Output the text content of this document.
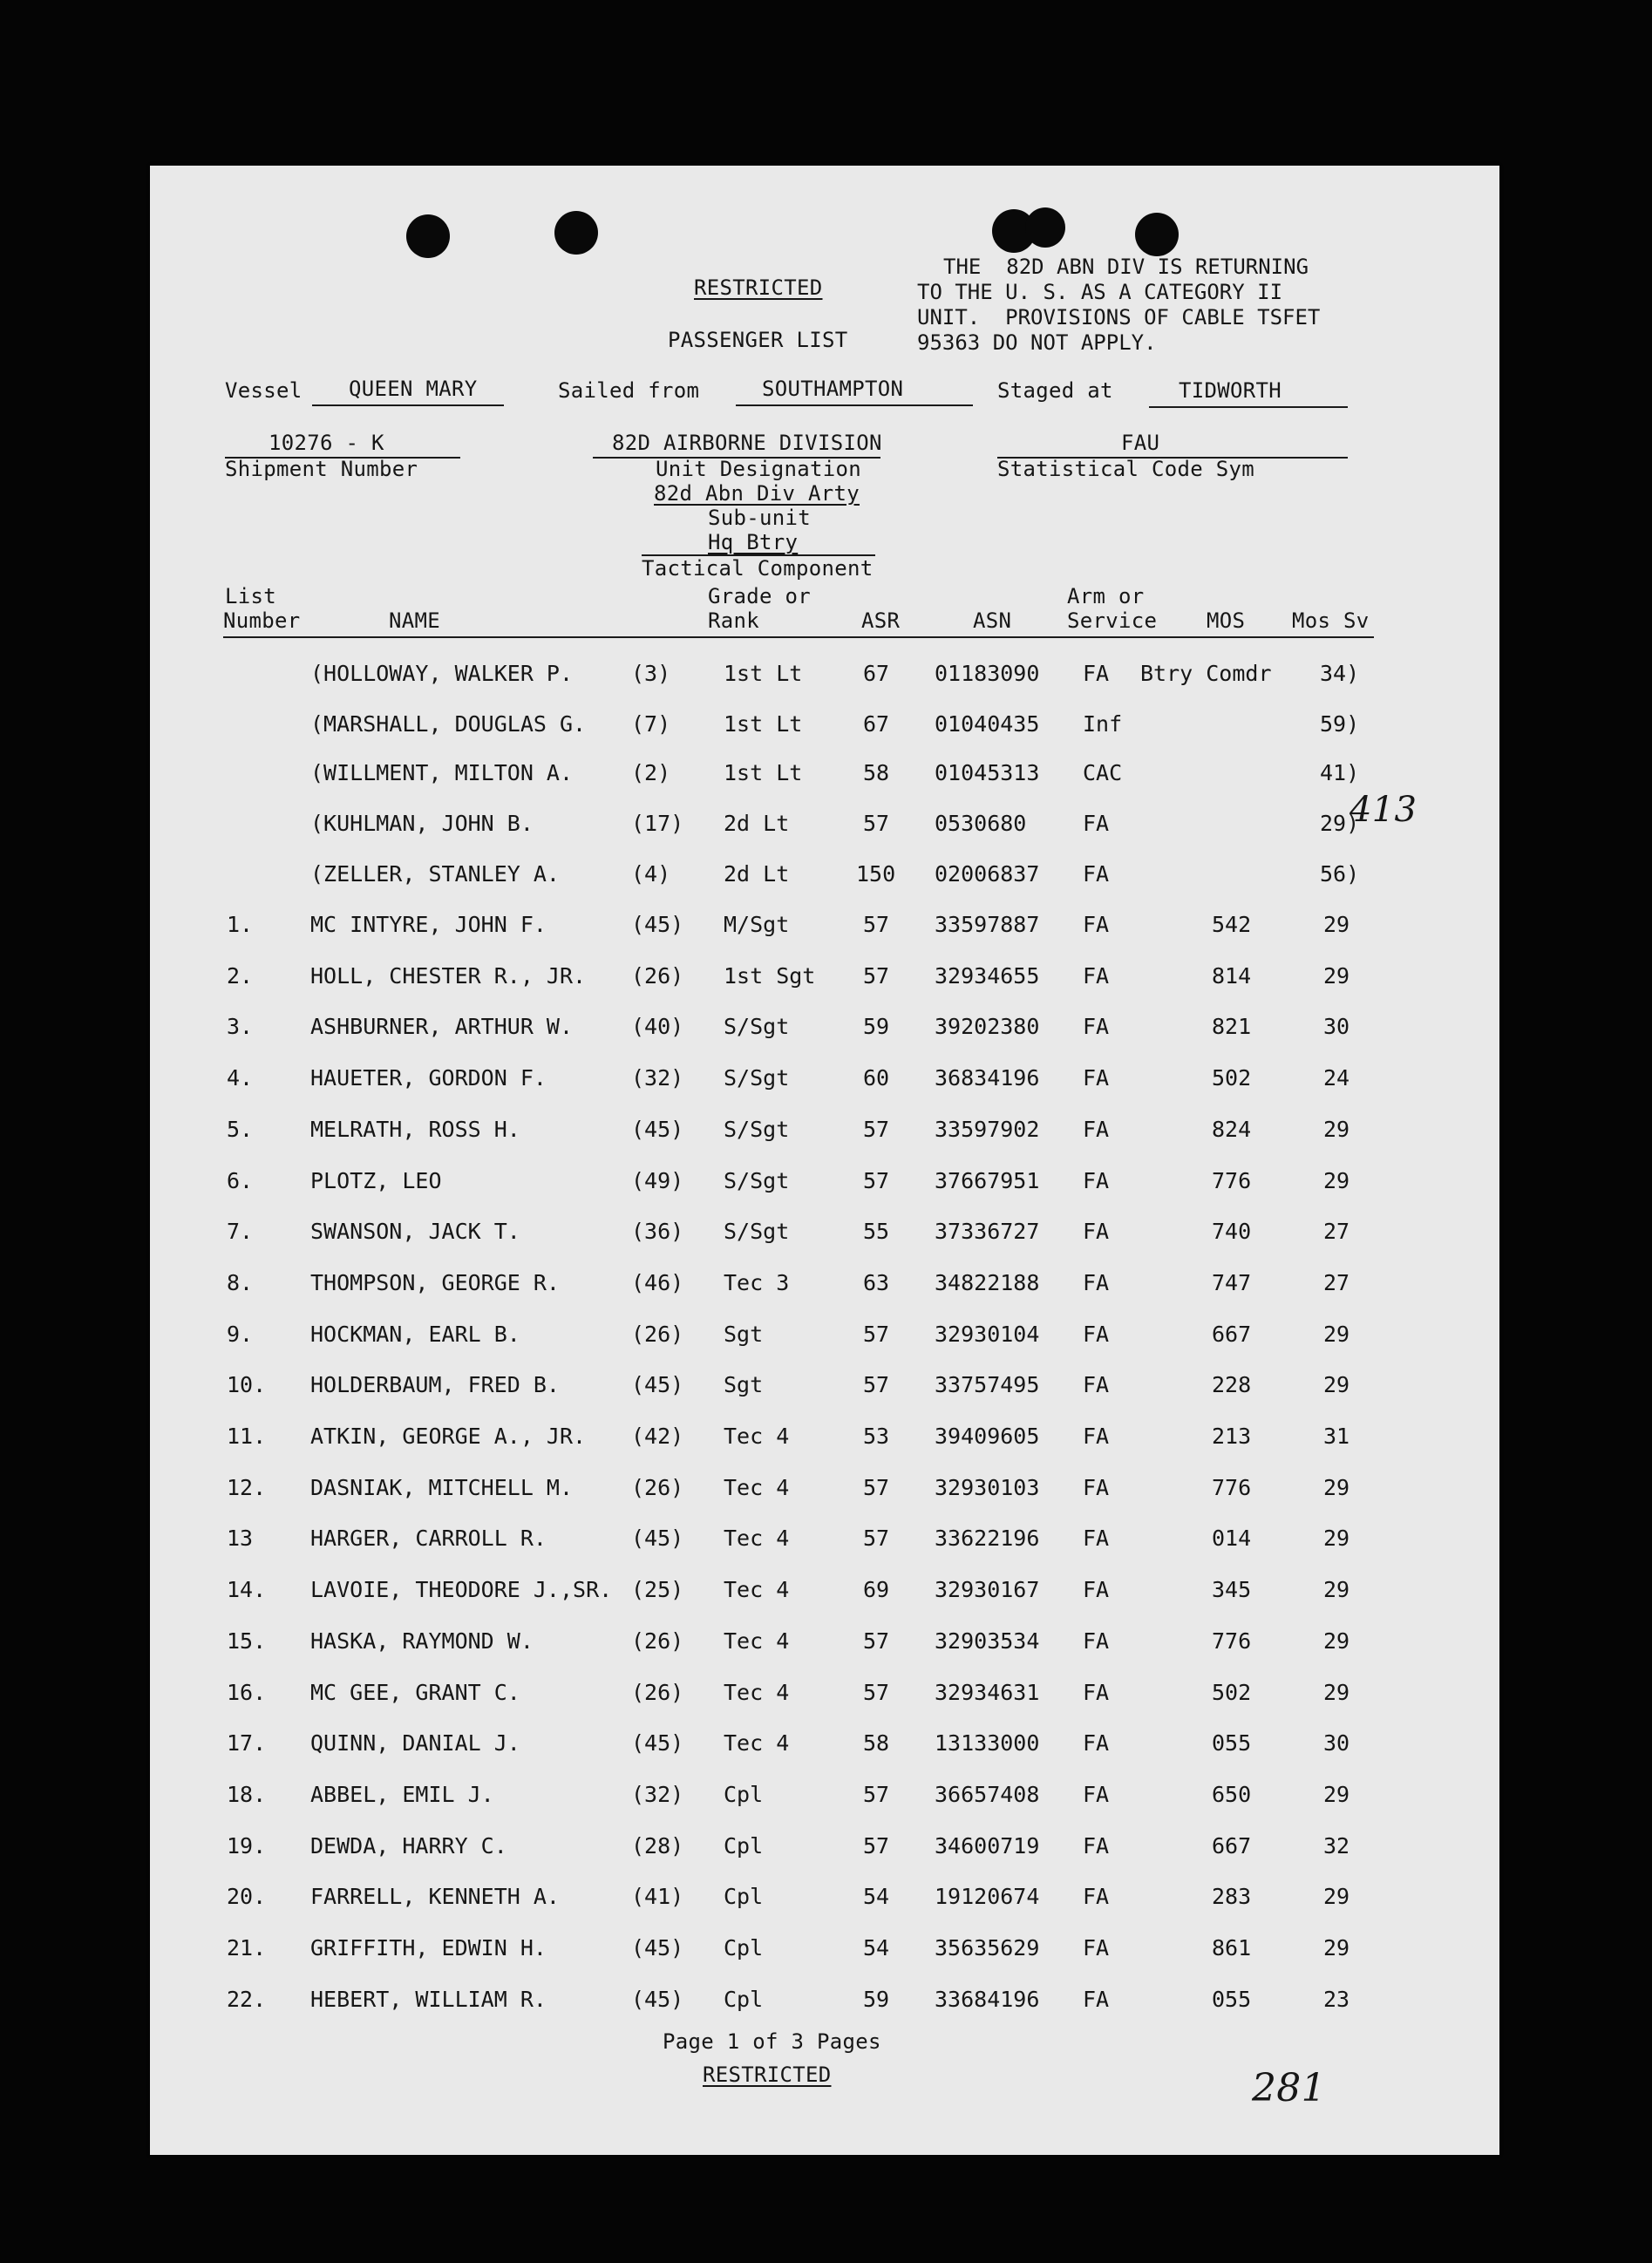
RESTRICTED
PASSENGER LIST
THE  82D ABN DIV IS RETURNING
TO THE U. S. AS A CATEGORY II
UNIT.  PROVISIONS OF CABLE TSFET
95363 DO NOT APPLY.
Vessel QUEEN MARY	Sailed from	SOUTHAMPTON	Staged at	TIDWORTH
10276 - K
Shipment Number
82D AIRBORNE DIVISION
Unit Designation
82d Abn Div Arty
Sub-unit
Hq Btry
Tactical Component
FAU
Statistical Code Sym
List
Number	NAME
Grade or
Rank	ASR	ASN
Arm or
Service MOS Mos Sv
(HOLLOWAY, WALKER P.	(3) 1st Lt	67 01183090 FA Btry Comdr 34)
(MARSHALL, DOUGLAS G. (7) 1st Lt	67 01040435 Inf	59)
(WILLMENT, MILTON A.	(2) 1st Lt	58 01045313 CAC	41)
(KUHLMAN, JOHN B.	(17) 2d Lt	57 0530680	FA	29)
(ZELLER, STANLEY A.	(4) 2d Lt	150 02006837 FA	56)
413
1.	MC INTYRE, JOHN F.	(45) M/Sgt	57 33597887 FA	542	29
2.	HOLL, CHESTER R., JR. (26) 1st Sgt 57 32934655 FA	814	29
3.	ASHBURNER, ARTHUR W.	(40) S/Sgt	59 39202380 FA	821	30
4.	HAUETER, GORDON F.	(32) S/Sgt	60 36834196 FA	502	24
5.	MELRATH, ROSS H.	(45) S/Sgt	57 33597902 FA	824	29
6.	PLOTZ, LEO	(49) S/Sgt	57 37667951 FA	776	29
7.	SWANSON, JACK T.	(36) S/Sgt	55 37336727 FA	740	27
8.	THOMPSON, GEORGE R.	(46) Tec 3	63 34822188 FA	747	27
9.	HOCKMAN, EARL B.	(26) Sgt	57 32930104 FA	667	29
10. HOLDERBAUM, FRED B.	(45) Sgt	57 33757495 FA	228	29
11. ATKIN, GEORGE A., JR. (42) Tec 4	53 39409605 FA	213	31
12. DASNIAK, MITCHELL M.	(26) Tec 4	57 32930103 FA	776	29
13	HARGER, CARROLL R.	(45) Tec 4	57 33622196 FA	014	29
14. LAVOIE, THEODORE J.,SR. (25) Tec 4	69 32930167 FA	345	29
15. HASKA, RAYMOND W.	(26) Tec 4	57 32903534 FA	776	29
16. MC GEE, GRANT C.	(26) Tec 4	57 32934631 FA	502	29
17. QUINN, DANIAL J.	(45) Tec 4	58 13133000 FA	055	30
18. ABBEL, EMIL J.	(32) Cpl	57 36657408 FA	650	29
19. DEWDA, HARRY C.	(28) Cpl	57 34600719 FA	667	32
20. FARRELL, KENNETH A.	(41) Cpl	54 19120674 FA	283	29
21. GRIFFITH, EDWIN H.	(45) Cpl	54 35635629 FA	861	29
22. HEBERT, WILLIAM R.	(45) Cpl	59 33684196 FA	055	23
Page 1 of 3 Pages
RESTRICTED	281
